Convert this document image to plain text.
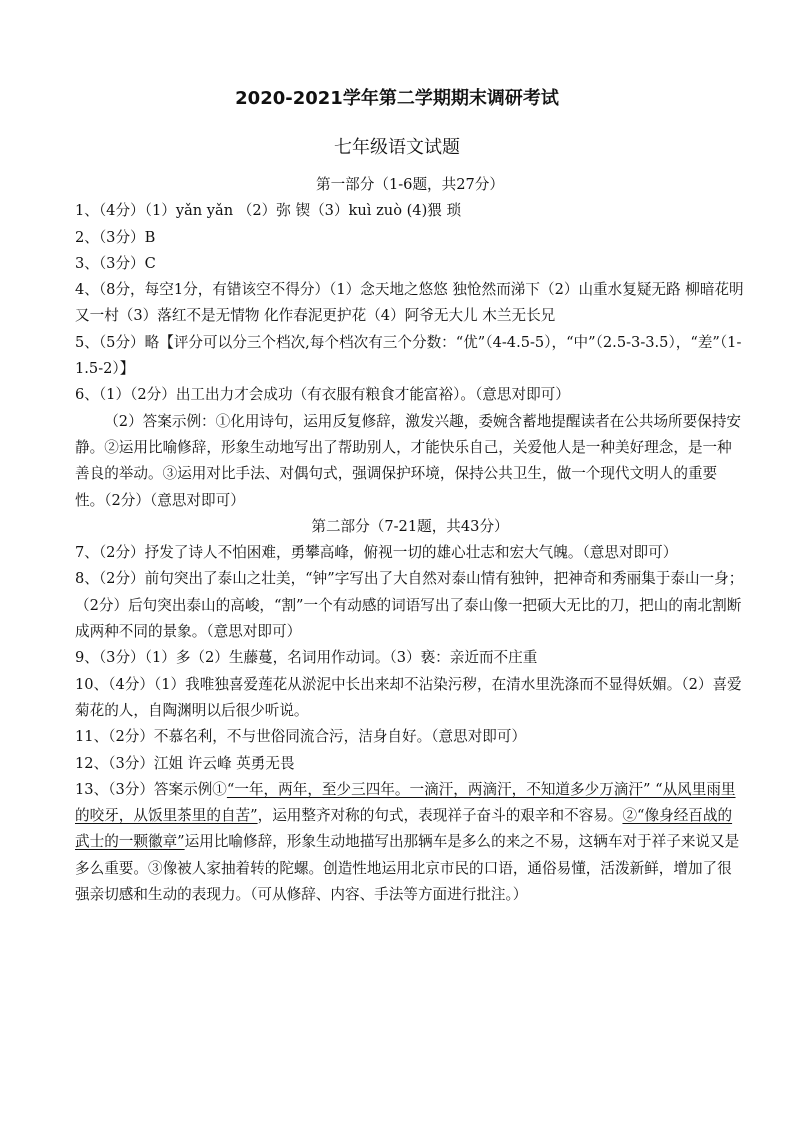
2020-2021学年第二学期期末调研考试
七年级语文试题

第一部分（1-6题，共27分）

1、（4分）（1）yǎn yǎn （2）弥 锲（3）kuì zuò (4)猥 琐

2、（3分）B

3、（3分）C

4、（8分，每空1分，有错该空不得分）（1）念天地之悠悠 独怆然而涕下（2）山重水复疑无路 柳暗花明又一村（3）落红不是无情物 化作春泥更护花（4）阿爷无大儿 木兰无长兄

5、（5分）略【评分可以分三个档次,每个档次有三个分数：“优”（4-4.5-5），“中”（2.5-3-3.5），“差”（1-1.5-2）】

6、（1）（2分）出工出力才会成功（有衣服有粮食才能富裕）。（意思对即可）

（2）答案示例：①化用诗句，运用反复修辞，激发兴趣，委婉含蓄地提醒读者在公共场所要保持安静。②运用比喻修辞，形象生动地写出了帮助别人，才能快乐自己，关爱他人是一种美好理念，是一种善良的举动。③运用对比手法、对偶句式，强调保护环境，保持公共卫生，做一个现代文明人的重要性。（2分）（意思对即可）

第二部分（7-21题，共43分）

7、（2分）抒发了诗人不怕困难，勇攀高峰，俯视一切的雄心壮志和宏大气魄。（意思对即可）

8、（2分）前句突出了泰山之壮美，“钟”字写出了大自然对泰山情有独钟，把神奇和秀丽集于泰山一身；（2分）后句突出泰山的高峻，“割”一个有动感的词语写出了泰山像一把硕大无比的刀，把山的南北割断成两种不同的景象。（意思对即可）

9、（3分）（1）多（2）生藤蔓，名词用作动词。（3）亵：亲近而不庄重

10、（4分）（1）我唯独喜爱莲花从淤泥中长出来却不沾染污秽，在清水里洗涤而不显得妖媚。（2）喜爱菊花的人，自陶渊明以后很少听说。

11、（2分）不慕名利，不与世俗同流合污，洁身自好。（意思对即可）

12、（3分）江姐 许云峰 英勇无畏

13、（3分）答案示例①“一年，两年，至少三四年。一滴汗，两滴汗，不知道多少万滴汗” “从风里雨里的咬牙，从饭里茶里的自苦”，运用整齐对称的句式，表现祥子奋斗的艰辛和不容易。②“像身经百战的武士的一颗徽章”运用比喻修辞，形象生动地描写出那辆车是多么的来之不易，这辆车对于祥子来说又是多么重要。③像被人家抽着转的陀螺。创造性地运用北京市民的口语，通俗易懂，活泼新鲜，增加了很强亲切感和生动的表现力。（可从修辞、内容、手法等方面进行批注。）
